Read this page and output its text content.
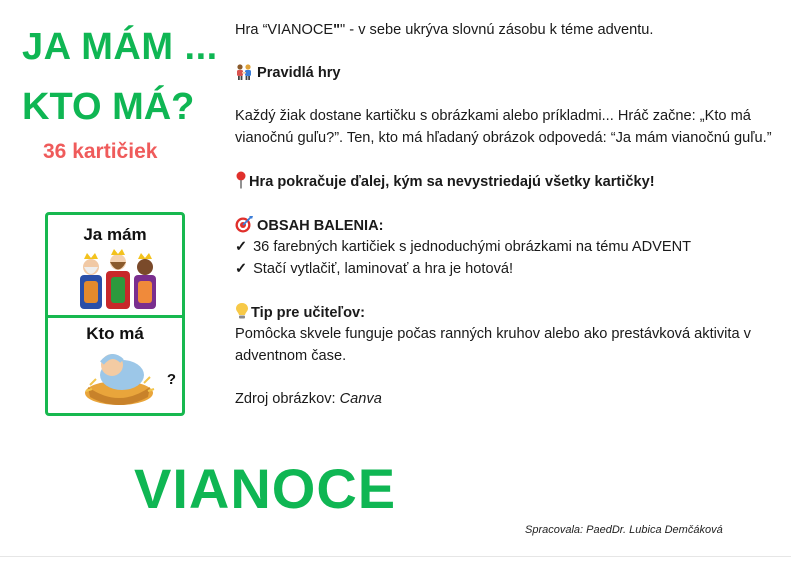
JA MÁM ...
KTO MÁ?
36 kartičiek
Ja mám
Kto má
?
VIANOCE
Spracovala: PaedDr. Lubica Demčáková

Hra “VIANOCE"" - v sebe ukrýva slovnú zásobu k téme adventu.

Pravidlá hry

Každý žiak dostane kartičku s obrázkami alebo príkladmi... Hráč začne: „Kto má vianočnú guľu?”. Ten, kto má hľadaný obrázok odpovedá: “Ja mám vianočnú guľu.”

Hra pokračuje ďalej, kým sa nevystriedajú všetky kartičky!

OBSAH BALENIA:

✓ 36 farebných kartičiek s jednoduchými obrázkami na tému ADVENT

✓ Stačí vytlačiť, laminovať a hra je hotová!

Tip pre učiteľov:

Pomôcka skvele funguje počas ranných kruhov alebo ako prestávková aktivita v adventnom čase.

Zdroj obrázkov: Canva
